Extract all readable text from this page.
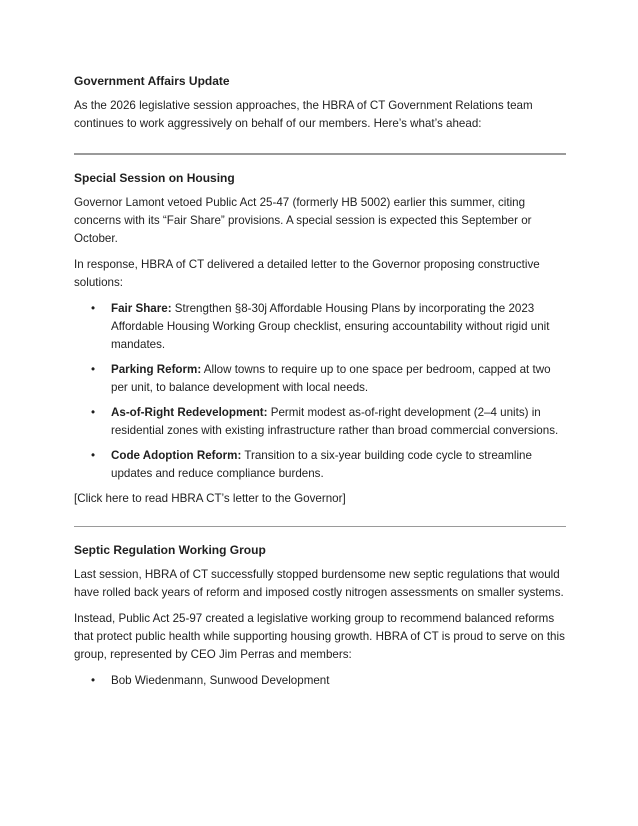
Government Affairs Update

As the 2026 legislative session approaches, the HBRA of CT Government Relations team continues to work aggressively on behalf of our members. Here’s what’s ahead:

Special Session on Housing

Governor Lamont vetoed Public Act 25-47 (formerly HB 5002) earlier this summer, citing concerns with its “Fair Share” provisions. A special session is expected this September or October.

In response, HBRA of CT delivered a detailed letter to the Governor proposing constructive solutions:

• Fair Share: Strengthen §8-30j Affordable Housing Plans by incorporating the 2023 Affordable Housing Working Group checklist, ensuring accountability without rigid unit mandates.
• Parking Reform: Allow towns to require up to one space per bedroom, capped at two per unit, to balance development with local needs.
• As-of-Right Redevelopment: Permit modest as-of-right development (2–4 units) in residential zones with existing infrastructure rather than broad commercial conversions.
• Code Adoption Reform: Transition to a six-year building code cycle to streamline updates and reduce compliance burdens.

[Click here to read HBRA CT’s letter to the Governor]

Septic Regulation Working Group

Last session, HBRA of CT successfully stopped burdensome new septic regulations that would have rolled back years of reform and imposed costly nitrogen assessments on smaller systems.

Instead, Public Act 25-97 created a legislative working group to recommend balanced reforms that protect public health while supporting housing growth. HBRA of CT is proud to serve on this group, represented by CEO Jim Perras and members:

• Bob Wiedenmann, Sunwood Development
